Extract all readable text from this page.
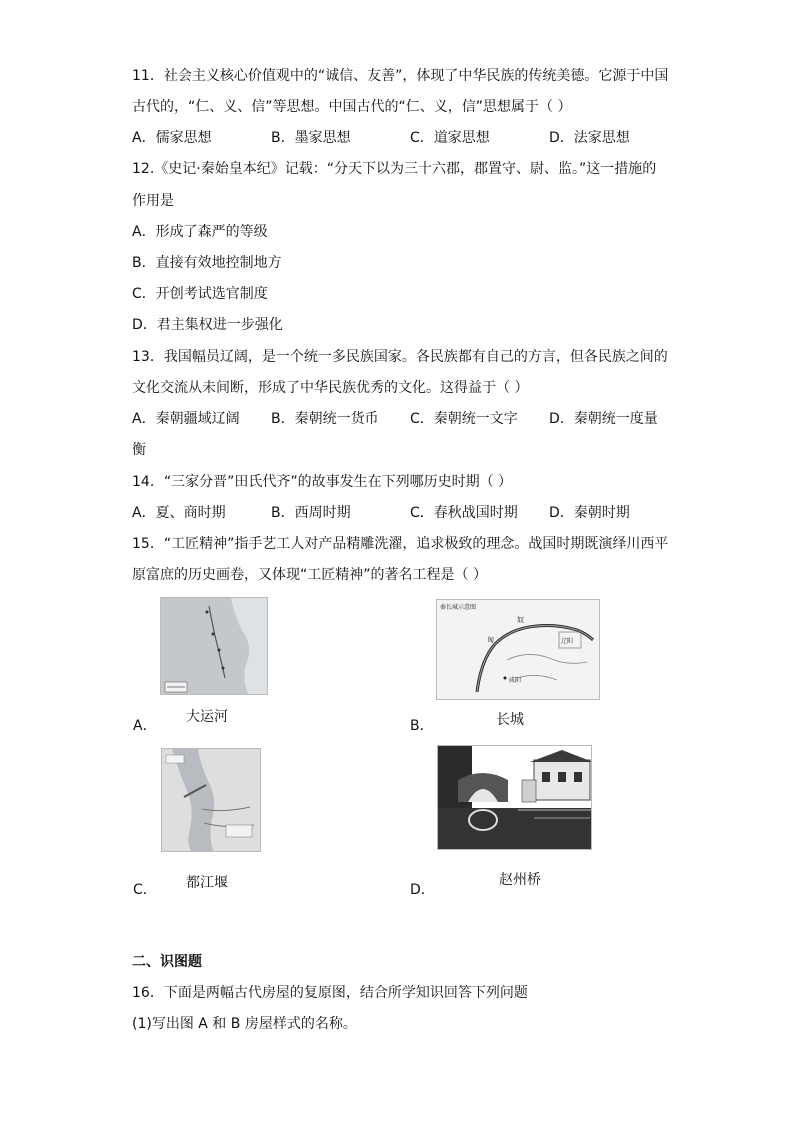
11．社会主义核心价值观中的“诚信、友善”，体现了中华民族的传统美德。它源于中国
古代的，“仁、义、信”等思想。中国古代的“仁、义，信”思想属于（ ）
A．儒家思想	B．墨家思想	C．道家思想	D．法家思想
12.《史记·秦始皇本纪》记载：“分天下以为三十六郡，郡置守、尉、监。”这一措施的
作用是
A．形成了森严的等级
B．直接有效地控制地方
C．开创考试选官制度
D．君主集权进一步强化
13．我国幅员辽阔，是一个统一多民族国家。各民族都有自己的方言，但各民族之间的
文化交流从未间断，形成了中华民族优秀的文化。这得益于（ ）
A．秦朝疆域辽阔 B．秦朝统一货币 C．秦朝统一文字 D．秦朝统一度量
衡
14．“三家分晋”田氏代齐”的故事发生在下列哪历史时期（ ）
A．夏、商时期	B．西周时期	C．春秋战国时期 D．秦朝时期
15．“工匠精神”指手艺工人对产品精雕洗濯，追求极致的理念。战国时期既演绎川西平
原富庶的历史画卷，又体现“工匠精神”的著名工程是（ ）
A．
大运河
秦长城示意图
奴
匈	辽阳
咸阳
B．	长城
C． 都江堰	D．
赵州桥
二、识图题
16．下面是两幅古代房屋的复原图，结合所学知识回答下列问题
(1)写出图 A 和 B 房屋样式的名称。
